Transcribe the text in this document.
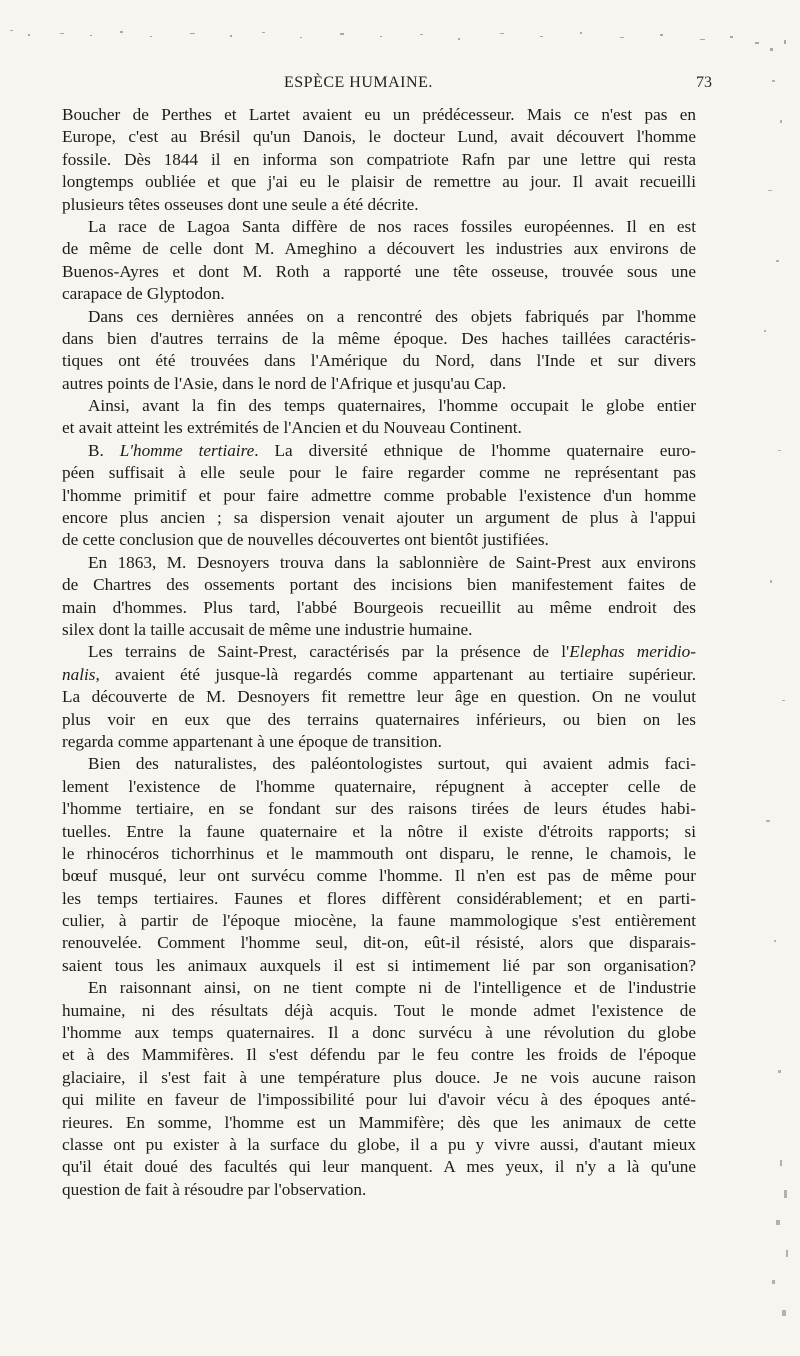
ESPÈCE HUMAINE.	73
Boucher de Perthes et Lartet avaient eu un prédécesseur. Mais ce n'est pas en
Europe, c'est au Brésil qu'un Danois, le docteur Lund, avait découvert l'homme
fossile. Dès 1844 il en informa son compatriote Rafn par une lettre qui resta
longtemps oubliée et que j'ai eu le plaisir de remettre au jour. Il avait recueilli
plusieurs têtes osseuses dont une seule a été décrite.
La race de Lagoa Santa diffère de nos races fossiles européennes. Il en est
de même de celle dont M. Ameghino a découvert les industries aux environs de
Buenos-Ayres et dont M. Roth a rapporté une tête osseuse, trouvée sous une
carapace de Glyptodon.
Dans ces dernières années on a rencontré des objets fabriqués par l'homme
dans bien d'autres terrains de la même époque. Des haches taillées caractéris-
tiques ont été trouvées dans l'Amérique du Nord, dans l'Inde et sur divers
autres points de l'Asie, dans le nord de l'Afrique et jusqu'au Cap.
Ainsi, avant la fin des temps quaternaires, l'homme occupait le globe entier
et avait atteint les extrémités de l'Ancien et du Nouveau Continent.
B. L'homme tertiaire. La diversité ethnique de l'homme quaternaire euro-
péen suffisait à elle seule pour le faire regarder comme ne représentant pas
l'homme primitif et pour faire admettre comme probable l'existence d'un homme
encore plus ancien ; sa dispersion venait ajouter un argument de plus à l'appui
de cette conclusion que de nouvelles découvertes ont bientôt justifiées.
En 1863, M. Desnoyers trouva dans la sablonnière de Saint-Prest aux environs
de Chartres des ossements portant des incisions bien manifestement faites de
main d'hommes. Plus tard, l'abbé Bourgeois recueillit au même endroit des
silex dont la taille accusait de même une industrie humaine.
Les terrains de Saint-Prest, caractérisés par la présence de l'Elephas meridio-
nalis, avaient été jusque-là regardés comme appartenant au tertiaire supérieur.
La découverte de M. Desnoyers fit remettre leur âge en question. On ne voulut
plus voir en eux que des terrains quaternaires inférieurs, ou bien on les
regarda comme appartenant à une époque de transition.
Bien des naturalistes, des paléontologistes surtout, qui avaient admis faci-
lement l'existence de l'homme quaternaire, répugnent à accepter celle de
l'homme tertiaire, en se fondant sur des raisons tirées de leurs études habi-
tuelles. Entre la faune quaternaire et la nôtre il existe d'étroits rapports; si
le rhinocéros tichorrhinus et le mammouth ont disparu, le renne, le chamois, le
bœuf musqué, leur ont survécu comme l'homme. Il n'en est pas de même pour
les temps tertiaires. Faunes et flores diffèrent considérablement; et en parti-
culier, à partir de l'époque miocène, la faune mammologique s'est entièrement
renouvelée. Comment l'homme seul, dit-on, eût-il résisté, alors que disparais-
saient tous les animaux auxquels il est si intimement lié par son organisation?
En raisonnant ainsi, on ne tient compte ni de l'intelligence et de l'industrie
humaine, ni des résultats déjà acquis. Tout le monde admet l'existence de
l'homme aux temps quaternaires. Il a donc survécu à une révolution du globe
et à des Mammifères. Il s'est défendu par le feu contre les froids de l'époque
glaciaire, il s'est fait à une température plus douce. Je ne vois aucune raison
qui milite en faveur de l'impossibilité pour lui d'avoir vécu à des époques anté-
rieures. En somme, l'homme est un Mammifère; dès que les animaux de cette
classe ont pu exister à la surface du globe, il a pu y vivre aussi, d'autant mieux
qu'il était doué des facultés qui leur manquent. A mes yeux, il n'y a là qu'une
question de fait à résoudre par l'observation.
